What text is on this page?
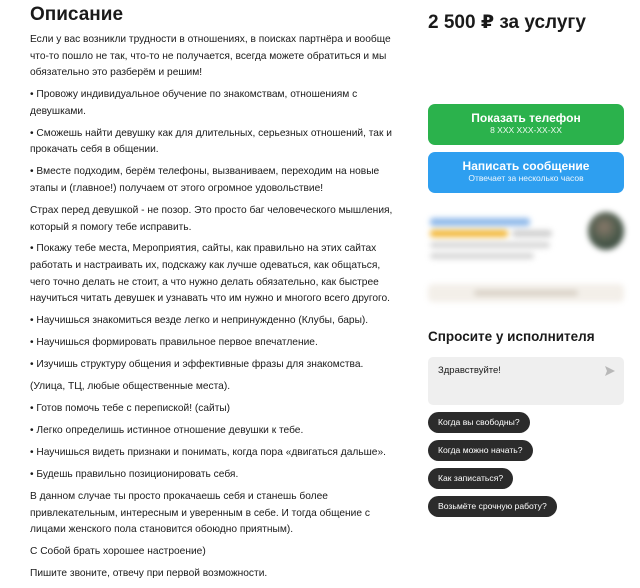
Описание

Если у вас возникли трудности в отношениях, в поисках партнёра и вообще что-то пошло не так, что-то не получается, всегда можете обратиться и мы обязательно это разберём и решим!

• Провожу индивидуальное обучение по знакомствам, отношениям с девушками.

• Сможешь найти девушку как для длительных, серьезных отношений, так и прокачать себя в общении.

• Вместе подходим, берём телефоны, вызваниваем, переходим на новые этапы и (главное!) получаем от этого огромное удовольствие!

Страх перед девушкой - не позор. Это просто баг человеческого мышления, который я помогу тебе исправить.

• Покажу тебе места, Мероприятия, сайты, как правильно на этих сайтах работать и настраивать их, подскажу как лучше одеваться, как общаться, чего точно делать не стоит, а что нужно делать обязательно, как быстрее научиться читать девушек и узнавать что им нужно и многого всего другого.

• Научишься знакомиться везде легко и непринужденно (Клубы, бары).

• Научишься формировать правильное первое впечатление.

• Изучишь структуру общения и эффективные фразы для знакомства.

(Улица, ТЦ, любые общественные места).

• Готов помочь тебе с перепиской! (сайты)

• Легко определишь истинное отношение девушки к тебе.

• Научишься видеть признаки и понимать, когда пора «двигаться дальше».

• Будешь правильно позиционировать себя.

В данном случае ты просто прокачаешь себя и станешь более привлекательным, интересным и уверенным в себе. И тогда общение с лицами женского пола становится обоюдно приятным).

С Собой брать хорошее настроение)

Пишите звоните, отвечу при первой возможности.

2 500 ₽ за услугу
Показать телефон
8 XXX XXX-XX-XX
Написать сообщение
Отвечает за несколько часов
Спросите у исполнителя
Здравствуйте!
Когда вы свободны?
Когда можно начать?
Как записаться?
Возьмёте срочную работу?
